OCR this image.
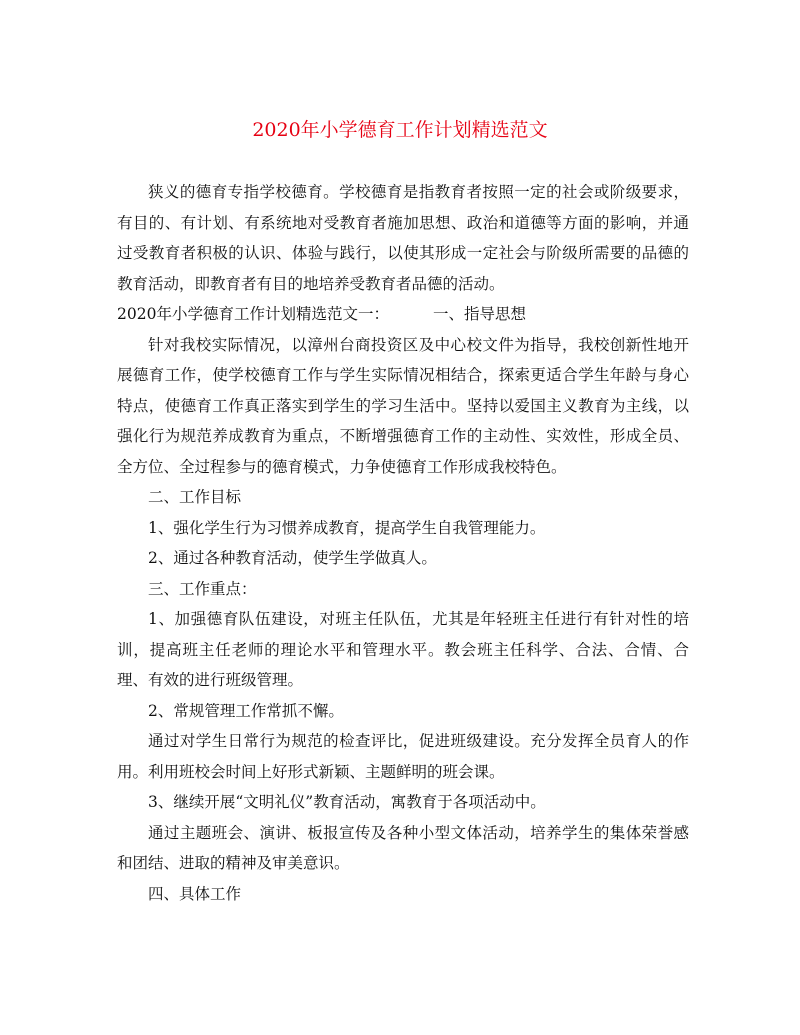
2020年小学德育工作计划精选范文

狭义的德育专指学校德育。学校德育是指教育者按照一定的社会或阶级要求，有目的、有计划、有系统地对受教育者施加思想、政治和道德等方面的影响，并通过受教育者积极的认识、体验与践行，以使其形成一定社会与阶级所需要的品德的教育活动，即教育者有目的地培养受教育者品德的活动。

2020年小学德育工作计划精选范文一：	一、指导思想

针对我校实际情况，以漳州台商投资区及中心校文件为指导，我校创新性地开展德育工作，使学校德育工作与学生实际情况相结合，探索更适合学生年龄与身心特点，使德育工作真正落实到学生的学习生活中。坚持以爱国主义教育为主线，以强化行为规范养成教育为重点，不断增强德育工作的主动性、实效性，形成全员、全方位、全过程参与的德育模式，力争使德育工作形成我校特色。

二、工作目标

1、强化学生行为习惯养成教育，提高学生自我管理能力。

2、通过各种教育活动，使学生学做真人。

三、工作重点：

1、加强德育队伍建设，对班主任队伍，尤其是年轻班主任进行有针对性的培训，提高班主任老师的理论水平和管理水平。教会班主任科学、合法、合情、合理、有效的进行班级管理。

2、常规管理工作常抓不懈。

通过对学生日常行为规范的检查评比，促进班级建设。充分发挥全员育人的作用。利用班校会时间上好形式新颖、主题鲜明的班会课。

3、继续开展“文明礼仪”教育活动，寓教育于各项活动中。

通过主题班会、演讲、板报宣传及各种小型文体活动，培养学生的集体荣誉感和团结、进取的精神及审美意识。

四、具体工作
